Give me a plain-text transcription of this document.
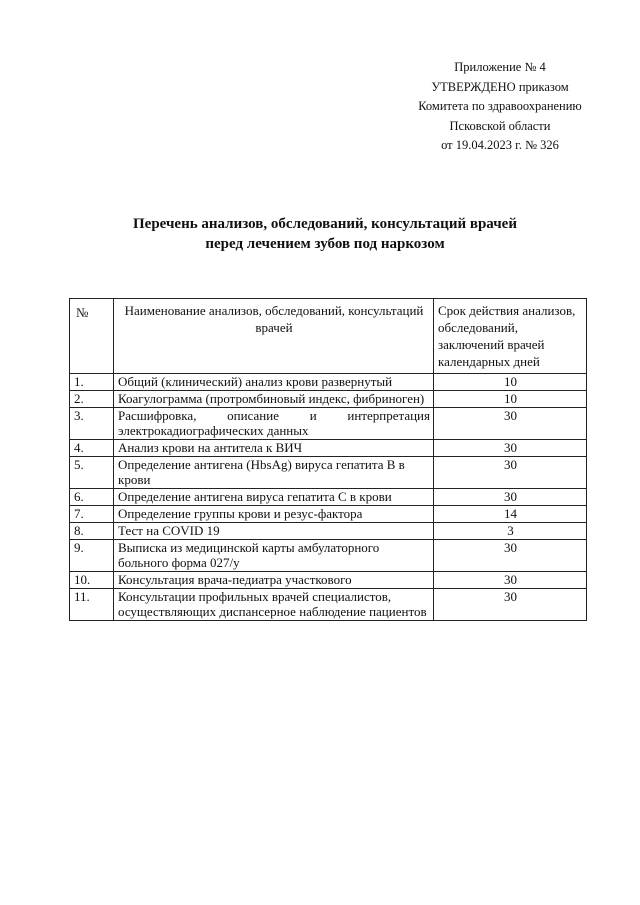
Приложение № 4
УТВЕРЖДЕНО приказом
Комитета по здравоохранению
Псковской области
от 19.04.2023 г. № 326
Перечень анализов, обследований, консультаций врачей
перед лечением зубов под наркозом
№	Наименование анализов, обследований, консультаций врачей	Срок действия анализов, обследований, заключений врачей календарных дней
1.	Общий (клинический) анализ крови развернутый	10
2.	Коагулограмма (протромбиновый индекс, фибриноген)	10
3.	Расшифровка, описание и интерпретация электрокадиографических данных	30
4.	Анализ крови на антитела к ВИЧ	30
5.	Определение антигена (HbsAg) вируса гепатита В в крови	30
6.	Определение антигена вируса гепатита С в крови	30
7.	Определение группы крови и резус-фактора	14
8.	Тест на COVID 19	3
9.	Выписка из медицинской карты амбулаторного больного форма 027/у	30
10.	Консультация врача-педиатра участкового	30
11.	Консультации профильных врачей специалистов, осуществляющих диспансерное наблюдение пациентов	30
